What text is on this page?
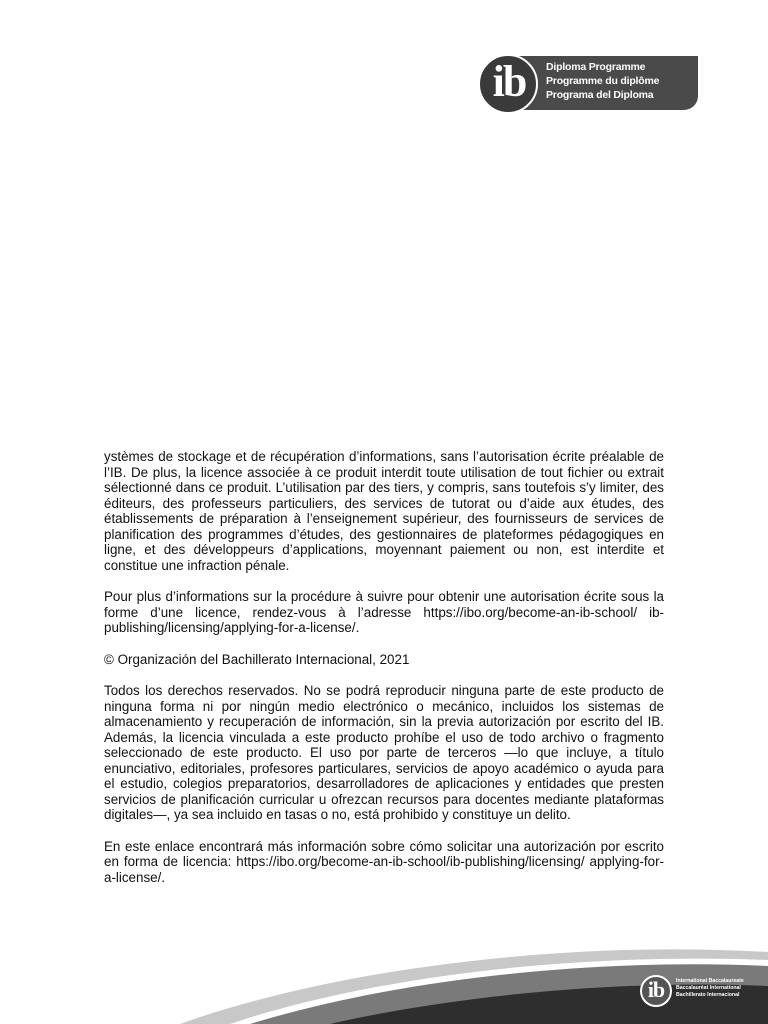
ib	Diploma Programme
Programme du diplôme
Programa del Diploma

ystèmes de stockage et de récupération d’informations, sans l’autorisation écrite préalable de l’IB. De plus, la licence associée à ce produit interdit toute utilisation de tout fichier ou extrait sélectionné dans ce produit. L’utilisation par des tiers, y compris, sans toutefois s’y limiter, des éditeurs, des professeurs particuliers, des services de tutorat ou d’aide aux études, des établissements de préparation à l’enseignement supérieur, des fournisseurs de services de planification des programmes d’études, des gestionnaires de plateformes pédagogiques en ligne, et des développeurs d’applications, moyennant paiement ou non, est interdite et constitue une infraction pénale.

Pour plus d’informations sur la procédure à suivre pour obtenir une autorisation écrite sous la forme d’une licence, rendez-vous à l’adresse https://ibo.org/become-an-ib-school/ ib-publishing/licensing/applying-for-a-license/.

© Organización del Bachillerato Internacional, 2021

Todos los derechos reservados. No se podrá reproducir ninguna parte de este producto de ninguna forma ni por ningún medio electrónico o mecánico, incluidos los sistemas de almacenamiento y recuperación de información, sin la previa autorización por escrito del IB. Además, la licencia vinculada a este producto prohíbe el uso de todo archivo o fragmento seleccionado de este producto. El uso por parte de terceros —lo que incluye, a título enunciativo, editoriales, profesores particulares, servicios de apoyo académico o ayuda para el estudio, colegios preparatorios, desarrolladores de aplicaciones y entidades que presten servicios de planificación curricular u ofrezcan recursos para docentes mediante plataformas digitales—, ya sea incluido en tasas o no, está prohibido y constituye un delito.

En este enlace encontrará más información sobre cómo solicitar una autorización por escrito en forma de licencia: https://ibo.org/become-an-ib-school/ib-publishing/licensing/ applying-for-a-license/.

ib	International Baccalaureate
Baccalauréat International
Bachillerato Internacional
